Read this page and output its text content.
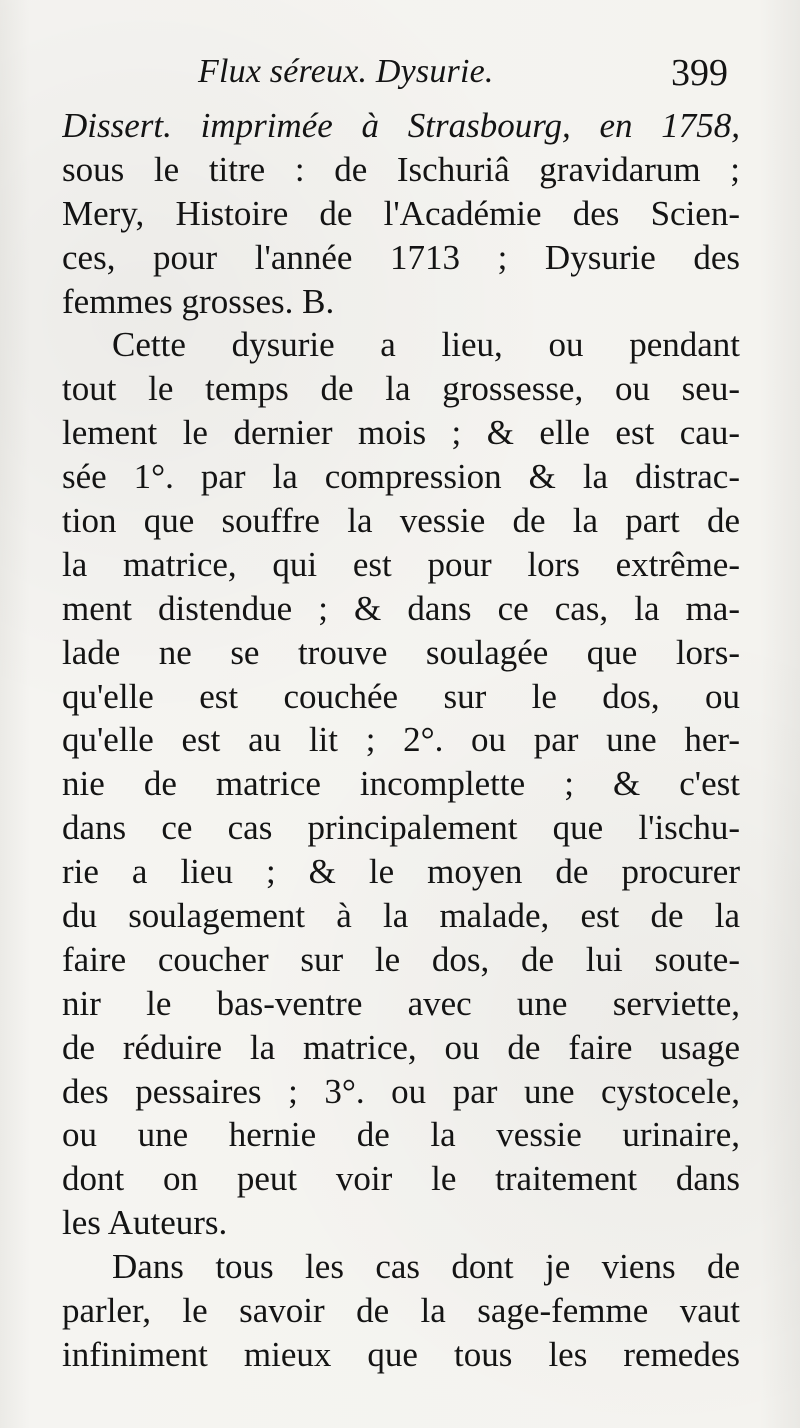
Flux séreux. Dysurie.	399
Dissert. imprimée à Strasbourg, en 1758,
sous le titre : de Ischuriâ gravidarum ;
Mery, Histoire de l'Académie des Scien-
ces, pour l'année 1713 ; Dysurie des
femmes grosses. B.
Cette dysurie a lieu, ou pendant
tout le temps de la grossesse, ou seu-
lement le dernier mois ; & elle est cau-
sée 1°. par la compression & la distrac-
tion que souffre la vessie de la part de
la matrice, qui est pour lors extrême-
ment distendue ; & dans ce cas, la ma-
lade ne se trouve soulagée que lors-
qu'elle est couchée sur le dos, ou
qu'elle est au lit ; 2°. ou par une her-
nie de matrice incomplette ; & c'est
dans ce cas principalement que l'ischu-
rie a lieu ; & le moyen de procurer
du soulagement à la malade, est de la
faire coucher sur le dos, de lui soute-
nir le bas-ventre avec une serviette,
de réduire la matrice, ou de faire usage
des pessaires ; 3°. ou par une cystocele,
ou une hernie de la vessie urinaire,
dont on peut voir le traitement dans
les Auteurs.
Dans tous les cas dont je viens de
parler, le savoir de la sage-femme vaut
infiniment mieux que tous les remedes
